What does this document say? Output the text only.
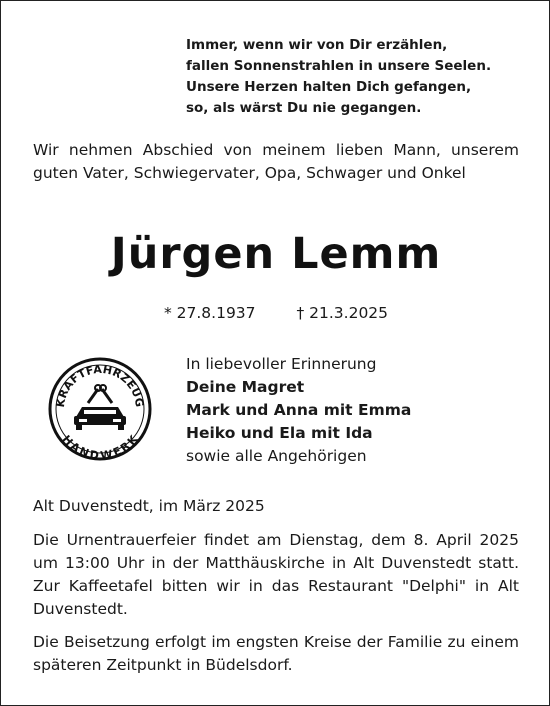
Immer, wenn wir von Dir erzählen,
fallen Sonnenstrahlen in unsere Seelen.
Unsere Herzen halten Dich gefangen,
so, als wärst Du nie gegangen.
Wir nehmen Abschied von meinem lieben Mann, unserem guten Vater, Schwiegervater, Opa, Schwager und Onkel
Jürgen Lemm
* 27.8.1937	† 21.3.2025
KRAFTFAHRZEUG
HANDWERK
In liebevoller Erinnerung
Deine Magret
Mark und Anna mit Emma
Heiko und Ela mit Ida
sowie alle Angehörigen
Alt Duvenstedt, im März 2025
Die Urnentrauerfeier findet am Dienstag, dem 8. April 2025 um 13:00 Uhr in der Matthäuskirche in Alt Duvenstedt statt. Zur Kaffeetafel bitten wir in das Restaurant "Delphi" in Alt Duvenstedt.
Die Beisetzung erfolgt im engsten Kreise der Familie zu einem späteren Zeitpunkt in Büdelsdorf.
